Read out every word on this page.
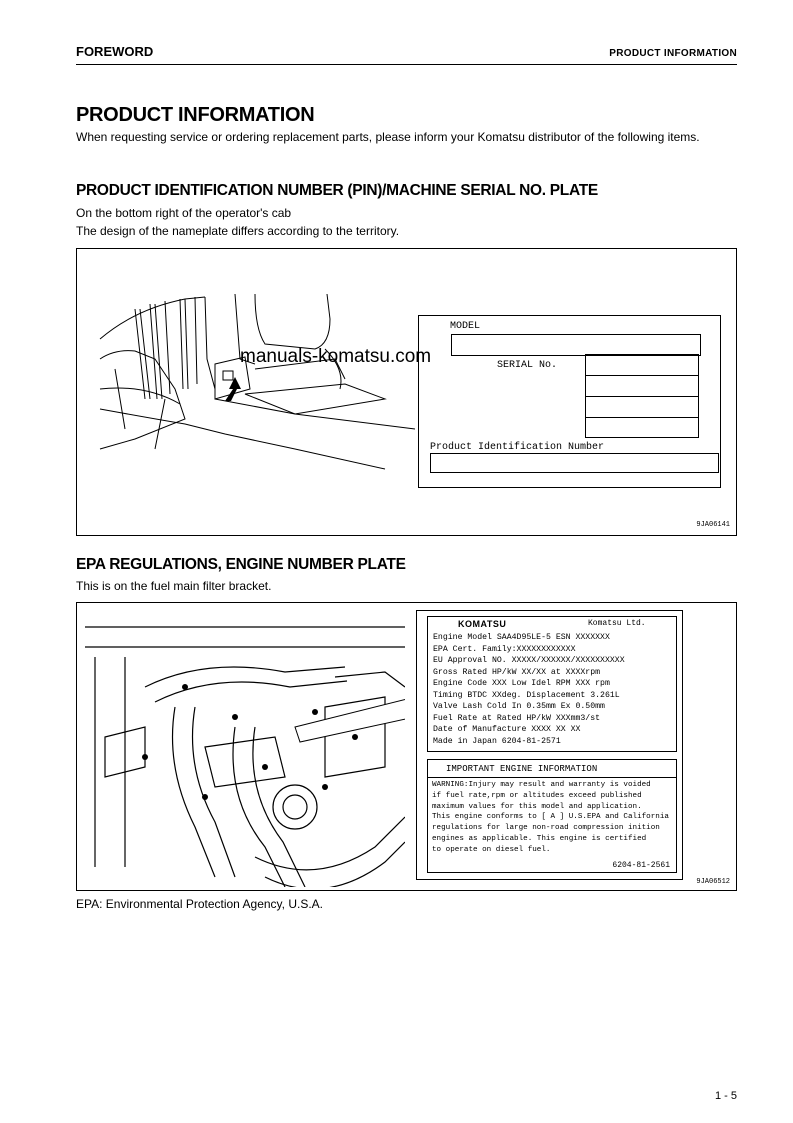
FOREWORD	PRODUCT INFORMATION
PRODUCT INFORMATION
When requesting service or ordering replacement parts, please inform your Komatsu distributor of the following items.
PRODUCT IDENTIFICATION NUMBER (PIN)/MACHINE SERIAL NO. PLATE
On the bottom right of the operator's cab
The design of the nameplate differs according to the territory.
MODEL
SERIAL No.
Product Identification Number
9JA06141
manuals-komatsu.com
EPA REGULATIONS, ENGINE NUMBER PLATE
This is on the fuel main filter bracket.
KOMATSU	Komatsu Ltd.
Engine Model SAA4D95LE-5 ESN XXXXXXX
EPA Cert. Family:XXXXXXXXXXXX
EU Approval NO. XXXXX/XXXXXX/XXXXXXXXXX
Gross Rated HP/kW XX/XX at XXXXrpm
Engine Code XXX Low Idel RPM XXX rpm
Timing BTDC XXdeg. Displacement 3.261L
Valve Lash Cold In 0.35mm Ex 0.50mm
Fuel Rate at Rated HP/kW XXXmm3/st
Date of Manufacture XXXX XX XX
Made in Japan 6204-81-2571
IMPORTANT ENGINE INFORMATION
WARNING:Injury may result and warranty is voided
if fuel rate,rpm or altitudes exceed published
maximum values for this model and application.
This engine conforms to [ A ] U.S.EPA and California
regulations for large non-road compression inition
engines as applicable. This engine is certified
to operate on diesel fuel.
6204-81-2561
9JA06512
EPA: Environmental Protection Agency, U.S.A.
1 - 5
